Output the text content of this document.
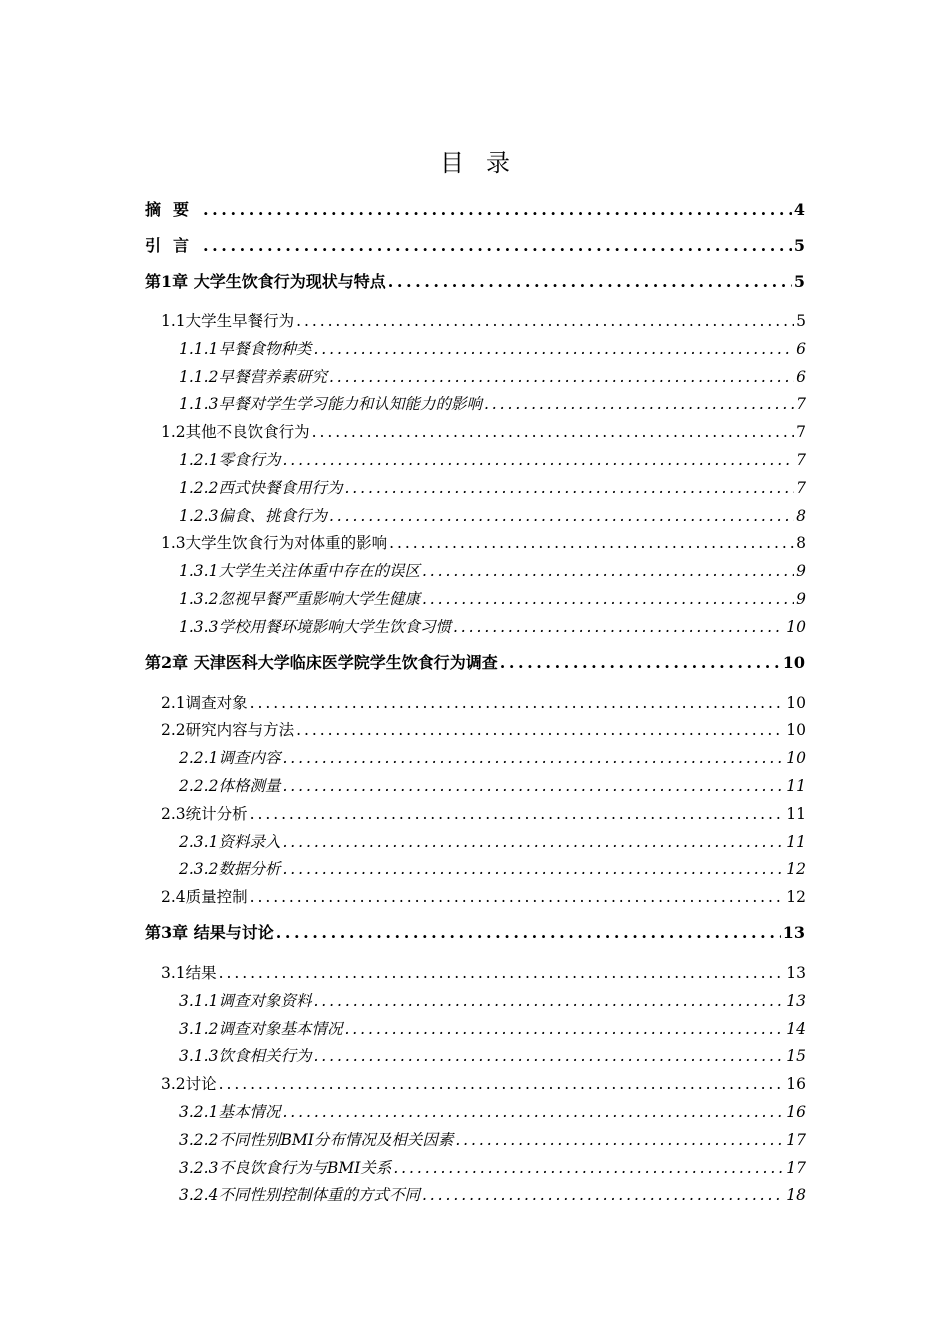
目录
摘要 . . .	4
引言 . . .	5
第1章 大学生饮食行为现状与特点 . . .	5
1.1大学生早餐行为 . . .	5
1.1.1早餐食物种类 . . .	6
1.1.2早餐营养素研究 . . .	6
1.1.3早餐对学生学习能力和认知能力的影响 . . .	7
1.2其他不良饮食行为 . . .	7
1.2.1零食行为 . . .	7
1.2.2西式快餐食用行为 . . .	7
1.2.3偏食、挑食行为 . . .	8
1.3大学生饮食行为对体重的影响 . . .	8
1.3.1大学生关注体重中存在的误区 . . .	9
1.3.2忽视早餐严重影响大学生健康 . . .	9
1.3.3学校用餐环境影响大学生饮食习惯 . . .	10
第2章 天津医科大学临床医学院学生饮食行为调查 . . .	10
2.1调查对象 . . .	10
2.2研究内容与方法 . . .	10
2.2.1调查内容 . . .	10
2.2.2体格测量 . . .	11
2.3统计分析 . . .	11
2.3.1资料录入 . . .	11
2.3.2数据分析 . . .	12
2.4质量控制 . . .	12
第3章 结果与讨论 . . .	13
3.1结果 . . .	13
3.1.1调查对象资料 . . .	13
3.1.2调查对象基本情况 . . .	14
3.1.3饮食相关行为 . . .	15
3.2讨论 . . .	16
3.2.1基本情况 . . .	16
3.2.2不同性别BMI分布情况及相关因素 . . .	17
3.2.3不良饮食行为与BMI关系 . . .	17
3.2.4不同性别控制体重的方式不同 . . .	18
